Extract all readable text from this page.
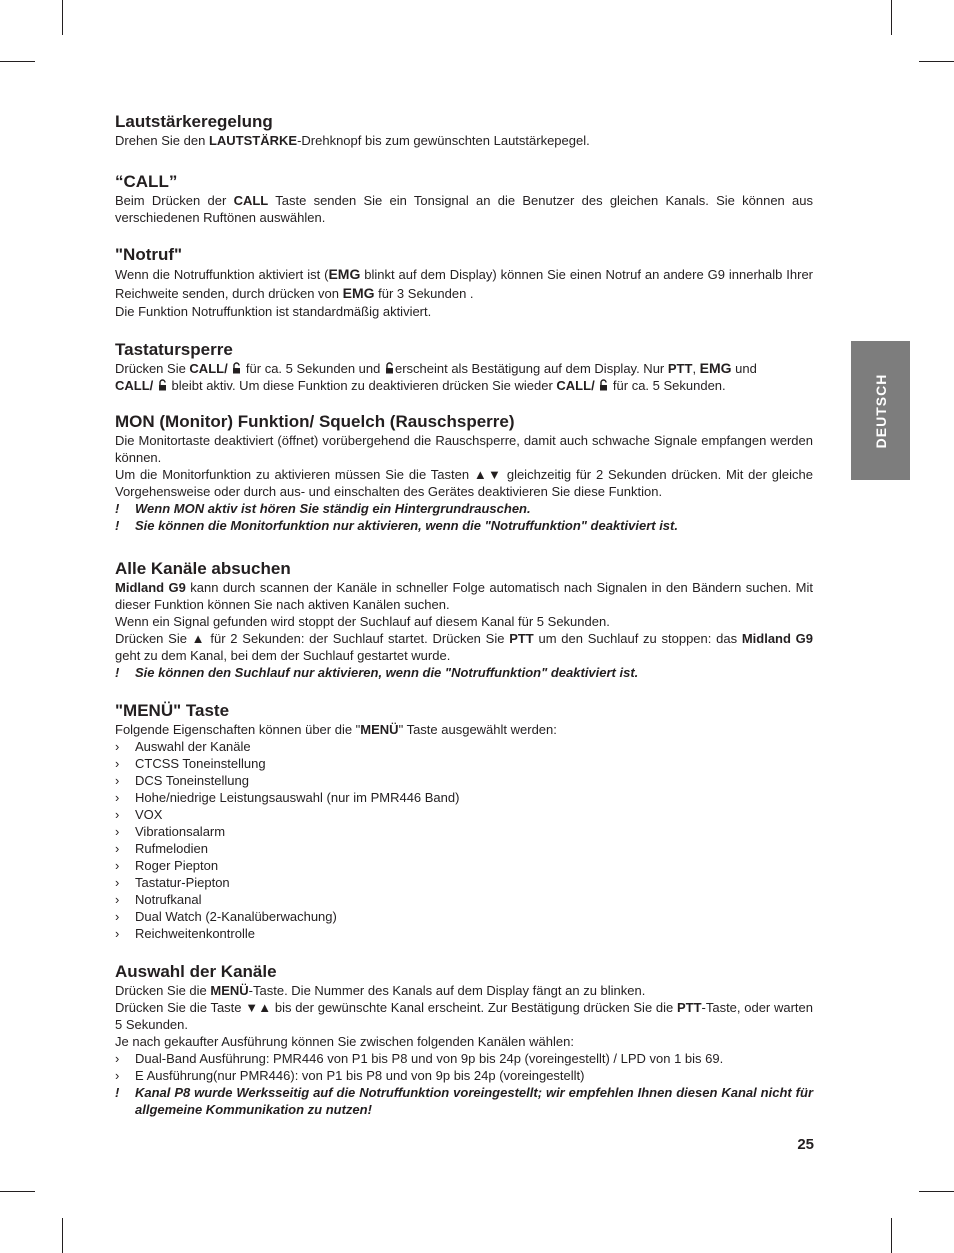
DEUTSCH
Lautstärkeregelung

Drehen Sie den LAUTSTÄRKE-Drehknopf bis zum gewünschten Lautstärkepegel.

“CALL”

Beim Drücken der CALL Taste senden Sie ein Tonsignal an die Benutzer des gleichen Kanals. Sie können aus verschiedenen Ruftönen auswählen.

"Notruf"

Wenn die Notruffunktion aktiviert ist (EMG blinkt auf dem Display) können Sie einen Notruf an andere G9 innerhalb Ihrer Reichweite senden, durch drücken von EMG für 3 Sekunden .

Die Funktion Notruffunktion ist standardmäßig aktiviert.

Tastatursperre

Drücken Sie CALL/  für ca. 5 Sekunden und erscheint als Bestätigung auf dem Display. Nur PTT, EMG und
CALL/  bleibt aktiv. Um diese Funktion zu deaktivieren drücken Sie wieder CALL/  für ca. 5 Sekunden.

MON (Monitor) Funktion/ Squelch (Rauschsperre)

Die Monitortaste deaktiviert (öffnet) vorübergehend die Rauschsperre, damit auch schwache Signale empfangen werden können.

Um die Monitorfunktion zu aktivieren müssen Sie die Tasten ▲▼ gleichzeitig für 2 Sekunden drücken. Mit der gleiche Vorgehensweise oder durch aus- und einschalten des Gerätes deaktivieren Sie diese Funktion.

!	Wenn MON aktiv ist hören Sie ständig ein Hintergrundrauschen.
!	Sie können die Monitorfunktion nur aktivieren, wenn die "Notruffunktion" deaktiviert ist.
Alle Kanäle absuchen

Midland G9 kann durch scannen der Kanäle in schneller Folge automatisch nach Signalen in den Bändern suchen. Mit dieser Funktion können Sie nach aktiven Kanälen suchen.

Wenn ein Signal gefunden wird stoppt der Suchlauf auf diesem Kanal für 5 Sekunden.

Drücken Sie ▲ für 2 Sekunden: der Suchlauf startet. Drücken Sie PTT um den Suchlauf zu stoppen: das Midland G9 geht zu dem Kanal, bei dem der Suchlauf gestartet wurde.

!	Sie können den Suchlauf nur aktivieren, wenn die "Notruffunktion" deaktiviert ist.
"MENÜ" Taste

Folgende Eigenschaften können über die "MENÜ" Taste ausgewählt werden:

›	Auswahl der Kanäle
›	CTCSS Toneinstellung
›	DCS Toneinstellung
›	Hohe/niedrige Leistungsauswahl (nur im PMR446 Band)
›	VOX
›	Vibrationsalarm
›	Rufmelodien
›	Roger Piepton
›	Tastatur-Piepton
›	Notrufkanal
›	Dual Watch (2-Kanalüberwachung)
›	Reichweitenkontrolle
Auswahl der Kanäle

Drücken Sie die MENÜ-Taste. Die Nummer des Kanals auf dem Display fängt an zu blinken.

Drücken Sie die Taste ▼▲ bis der gewünschte Kanal erscheint. Zur Bestätigung drücken Sie die PTT-Taste, oder warten 5 Sekunden.

Je nach gekaufter Ausführung können Sie zwischen folgenden Kanälen wählen:

›	Dual-Band Ausführung: PMR446 von P1 bis P8 und von 9p bis 24p (voreingestellt) / LPD von 1 bis 69.
›	E Ausführung(nur PMR446): von P1 bis P8 und von 9p bis 24p (voreingestellt)
!	Kanal P8 wurde Werksseitig auf die Notruffunktion voreingestellt; wir empfehlen Ihnen diesen Kanal nicht für allgemeine Kommunikation zu nutzen!
25
